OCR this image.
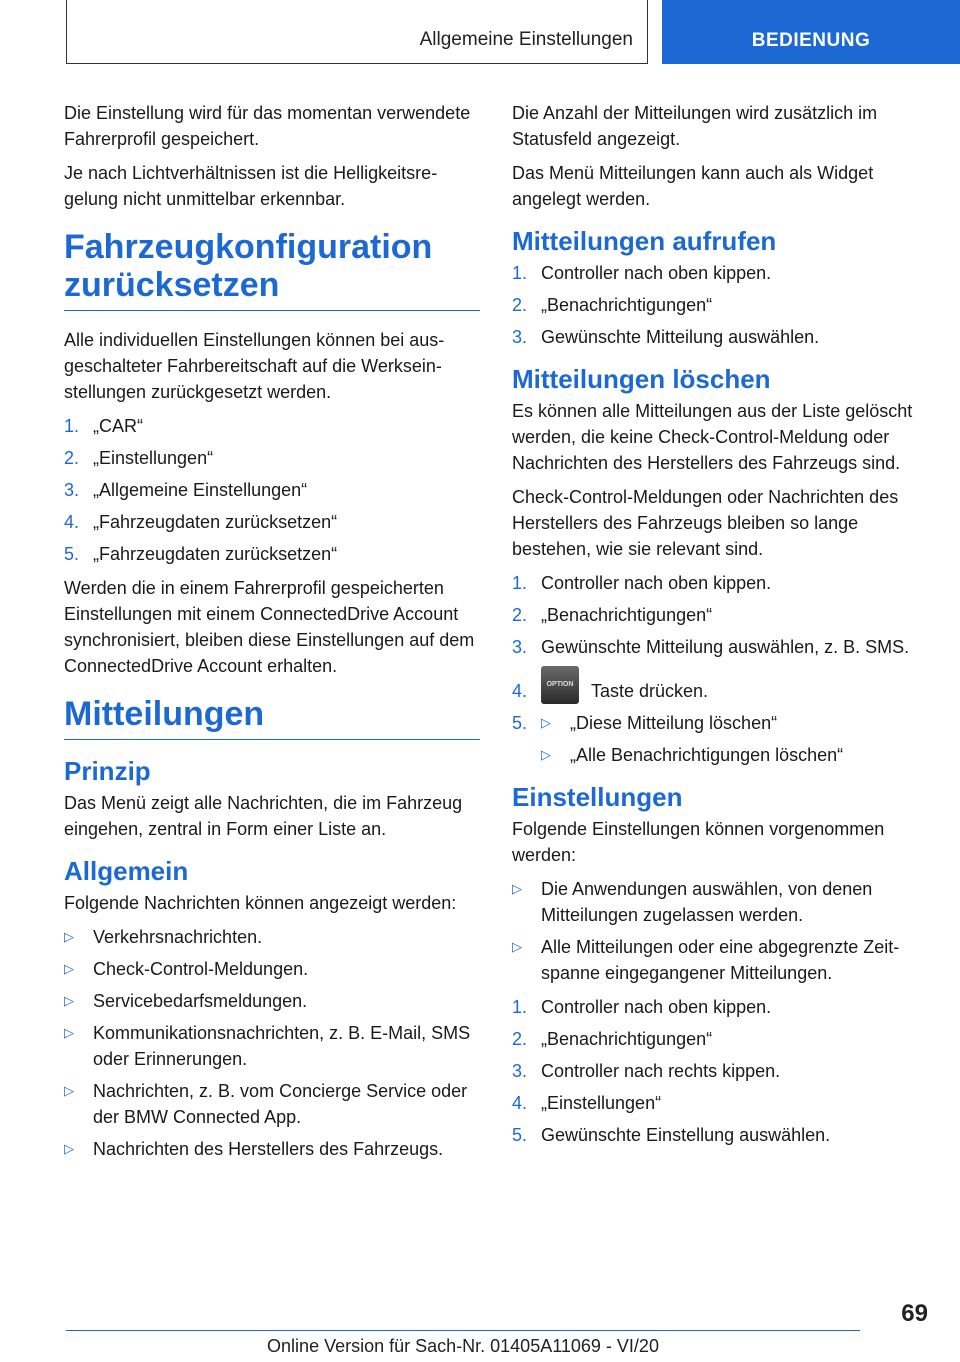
Allgemeine Einstellungen	BEDIENUNG

Die Einstellung wird für das momentan verwendete Fahrerprofil gespeichert.

Je nach Lichtverhältnissen ist die Helligkeitsregelung nicht unmittelbar erkennbar.

Fahrzeugkonfiguration zurücksetzen

Alle individuellen Einstellungen können bei ausgeschalteter Fahrbereitschaft auf die Werkseinstellungen zurückgesetzt werden.

1. „CAR“
2. „Einstellungen“
3. „Allgemeine Einstellungen“
4. „Fahrzeugdaten zurücksetzen“
5. „Fahrzeugdaten zurücksetzen“

Werden die in einem Fahrerprofil gespeicherten Einstellungen mit einem ConnectedDrive Account synchronisiert, bleiben diese Einstellungen auf dem ConnectedDrive Account erhalten.

Mitteilungen
Prinzip

Das Menü zeigt alle Nachrichten, die im Fahrzeug eingehen, zentral in Form einer Liste an.

Allgemein

Folgende Nachrichten können angezeigt werden:

▷	Verkehrsnachrichten.
▷	Check-Control-Meldungen.
▷	Servicebedarfsmeldungen.
▷	Kommunikationsnachrichten, z. B. E-Mail, SMS oder Erinnerungen.
▷	Nachrichten, z. B. vom Concierge Service oder der BMW Connected App.
▷	Nachrichten des Herstellers des Fahrzeugs.

Die Anzahl der Mitteilungen wird zusätzlich im Statusfeld angezeigt.

Das Menü Mitteilungen kann auch als Widget angelegt werden.

Mitteilungen aufrufen
1. Controller nach oben kippen.
2. „Benachrichtigungen“
3. Gewünschte Mitteilung auswählen.
Mitteilungen löschen

Es können alle Mitteilungen aus der Liste gelöscht werden, die keine Check-Control-Meldung oder Nachrichten des Herstellers des Fahrzeugs sind.

Check-Control-Meldungen oder Nachrichten des Herstellers des Fahrzeugs bleiben so lange bestehen, wie sie relevant sind.

1. Controller nach oben kippen.
2. „Benachrichtigungen“
3. Gewünschte Mitteilung auswählen, z. B. SMS.
4.	OPTION Taste drücken.
5.	▷	„Diese Mitteilung löschen“
▷	„Alle Benachrichtigungen löschen“
Einstellungen

Folgende Einstellungen können vorgenommen werden:

▷	Die Anwendungen auswählen, von denen Mitteilungen zugelassen werden.
▷	Alle Mitteilungen oder eine abgegrenzte Zeitspanne eingegangener Mitteilungen.
1. Controller nach oben kippen.
2. „Benachrichtigungen“
3. Controller nach rechts kippen.
4. „Einstellungen“
5. Gewünschte Einstellung auswählen.
69
Online Version für Sach-Nr. 01405A11069 - VI/20
